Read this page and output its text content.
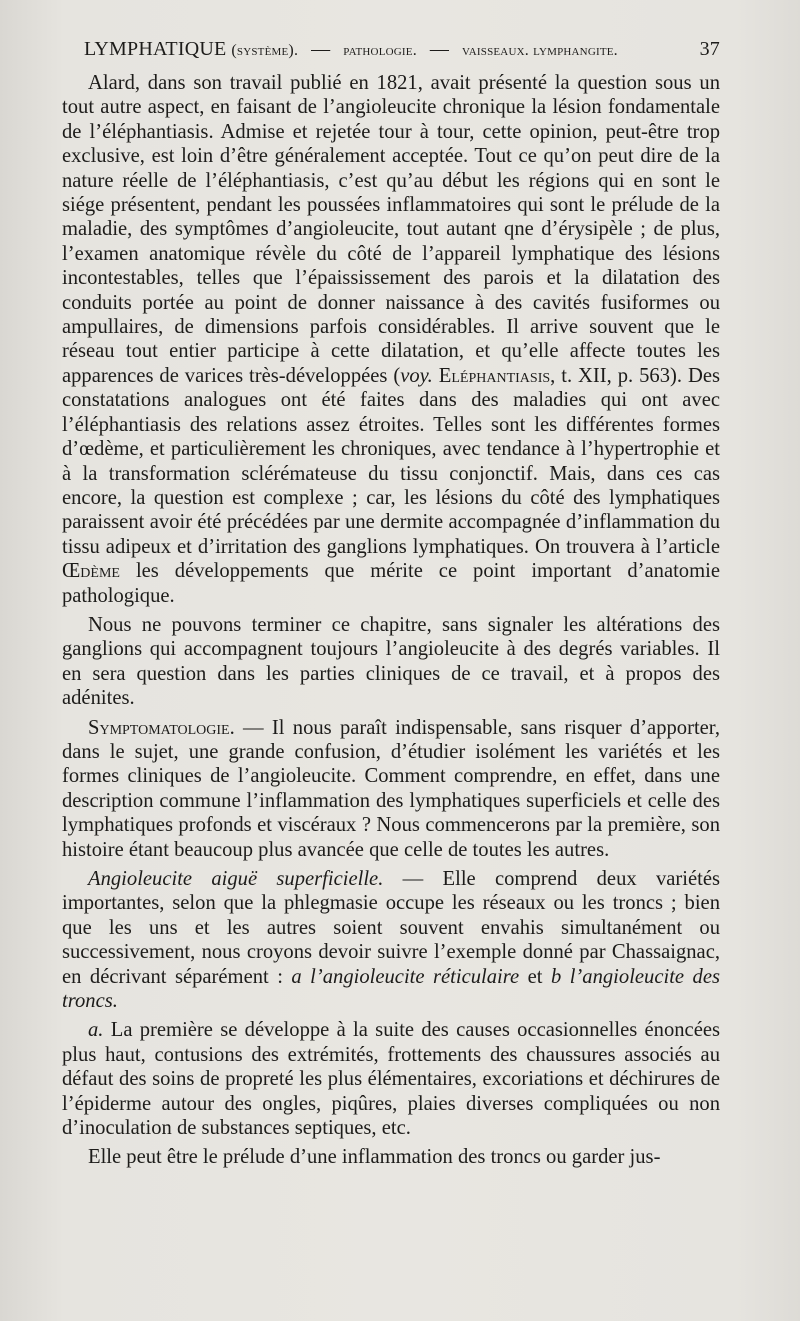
LYMPHATIQUE (système). — pathologie. — vaisseaux. lymphangite.	37

Alard, dans son travail publié en 1821, avait présenté la question sous un tout autre aspect, en faisant de l’angioleucite chronique la lésion fondamentale de l’éléphantiasis. Admise et rejetée tour à tour, cette opinion, peut-être trop exclusive, est loin d’être généralement acceptée. Tout ce qu’on peut dire de la nature réelle de l’éléphantiasis, c’est qu’au début les régions qui en sont le siége présentent, pendant les poussées inflammatoires qui sont le prélude de la maladie, des symptômes d’angioleucite, tout autant qne d’érysipèle ; de plus, l’examen anatomique révèle du côté de l’appareil lymphatique des lésions incontestables, telles que l’épaississement des parois et la dilatation des conduits portée au point de donner naissance à des cavités fusiformes ou ampullaires, de dimensions parfois considérables. Il arrive souvent que le réseau tout entier participe à cette dilatation, et qu’elle affecte toutes les apparences de varices très-développées (voy. Eléphantiasis, t. XII, p. 563). Des constatations analogues ont été faites dans des maladies qui ont avec l’éléphantiasis des relations assez étroites. Telles sont les différentes formes d’œdème, et particulièrement les chroniques, avec tendance à l’hypertrophie et à la transformation sclérémateuse du tissu conjonctif. Mais, dans ces cas encore, la question est complexe ; car, les lésions du côté des lymphatiques paraissent avoir été précédées par une dermite accompagnée d’inflammation du tissu adipeux et d’irritation des ganglions lymphatiques. On trouvera à l’article Œdème les développements que mérite ce point important d’anatomie pathologique.

Nous ne pouvons terminer ce chapitre, sans signaler les altérations des ganglions qui accompagnent toujours l’angioleucite à des degrés variables. Il en sera question dans les parties cliniques de ce travail, et à propos des adénites.

Symptomatologie. — Il nous paraît indispensable, sans risquer d’apporter, dans le sujet, une grande confusion, d’étudier isolément les variétés et les formes cliniques de l’angioleucite. Comment comprendre, en effet, dans une description commune l’inflammation des lymphatiques superficiels et celle des lymphatiques profonds et viscéraux ? Nous commencerons par la première, son histoire étant beaucoup plus avancée que celle de toutes les autres.

Angioleucite aiguë superficielle. — Elle comprend deux variétés importantes, selon que la phlegmasie occupe les réseaux ou les troncs ; bien que les uns et les autres soient souvent envahis simultanément ou successivement, nous croyons devoir suivre l’exemple donné par Chassaignac, en décrivant séparément : a l’angioleucite réticulaire et b l’angioleucite des troncs.

a. La première se développe à la suite des causes occasionnelles énoncées plus haut, contusions des extrémités, frottements des chaussures associés au défaut des soins de propreté les plus élémentaires, excoriations et déchirures de l’épiderme autour des ongles, piqûres, plaies diverses compliquées ou non d’inoculation de substances septiques, etc.

Elle peut être le prélude d’une inflammation des troncs ou garder jus-
